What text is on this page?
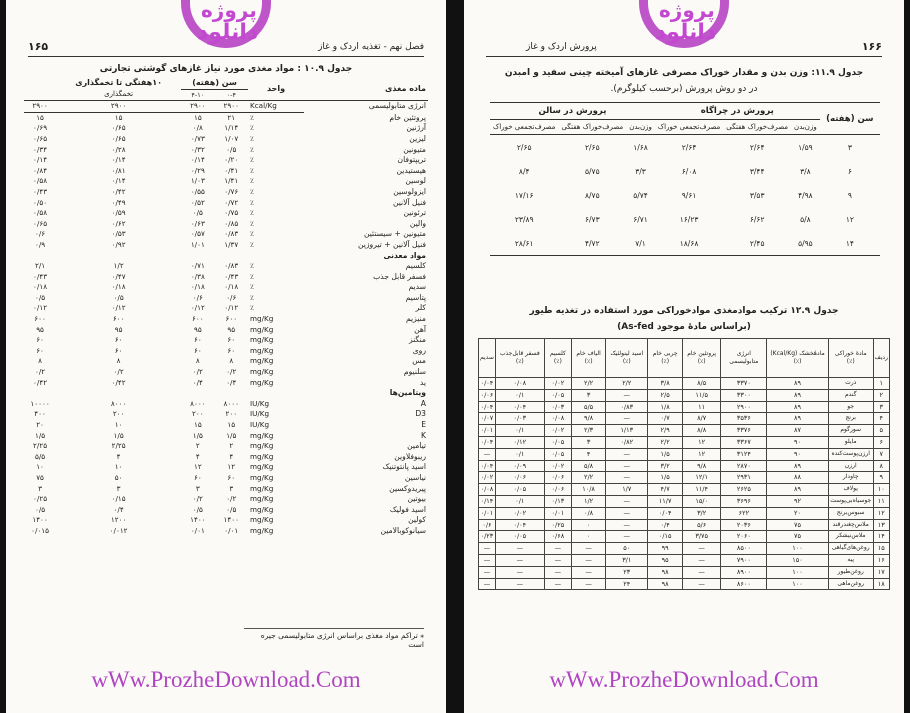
پروژه
دانلود
۱۶۵	فصل نهم - تغذیه اردک و غاز
جدول ۱۰.۹ : مواد مغذی مورد نیاز غازهای گوشتی تجارتی
ماده مغذی	واحد	سن (هفته)		۱۰هفتگی تا تخمگذاری	
		۰-۴	۴-۱۰	تخمگذاری	
انرژی متابولیسمی	Kcal/Kg	۲۹۰۰	۲۹۰۰	۲۹۰۰	۲۹۰۰
پروتئین خام	٪	۲۱	۱۵	۱۵	۱۵
آرژنین	٪	۱/۱۴	۰/۸	۰/۶۵	۰/۶۹
لیزین	٪	۱/۰۷	۰/۷۳	۰/۶۵	۰/۶۵
متیونین	٪	۰/۵	۰/۳۲	۰/۲۸	۰/۳۴
تریپتوفان	٪	۰/۲۰	۰/۱۴	۰/۱۴	۰/۱۴
هیستیدین	٪	۰/۴۱	۰/۲۹	۰/۸۱	۰/۸۴
لوسین	٪	۱/۴۱	۱/۰۳	۰/۱۴	۰/۵۸
ایزولوسین	٪	۰/۷۶	۰/۵۵	۰/۴۲	۰/۴۳
فنیل آلانین	٪	۰/۷۲	۰/۵۲	۰/۴۹	۰/۵۰
ترئونین	٪	۰/۷۵	۰/۵	۰/۵۹	۰/۵۸
والین	٪	۰/۸۵	۰/۶۳	۰/۶۲	۰/۶۵
متیونین + سیستئین	٪	۰/۸۳	۰/۵۷	۰/۵۳	۰/۶
فنیل آلانین + تیروزین	٪	۱/۳۷	۱/۰۱	۰/۹۲	۰/۹
مواد معدنی					
کلسیم	٪	۰/۸۳	۰/۷۱	۱/۲	۲/۱
فسفر قابل جذب	٪	۰/۴۳	۰/۳۸	۰/۴۷	۰/۴۳
سدیم	٪	۰/۱۸	۰/۱۸	۰/۱۸	۰/۱۸
پتاسیم	٪	۰/۶	۰/۶	۰/۵	۰/۵
کلر	٪	۰/۱۲	۰/۱۲	۰/۱۲	۰/۱۲
منیزیم	mg/Kg	۶۰۰	۶۰۰	۶۰۰	۶۰۰
آهن	mg/Kg	۹۵	۹۵	۹۵	۹۵
منگنز	mg/Kg	۶۰	۶۰	۶۰	۶۰
روی	mg/Kg	۶۰	۶۰	۶۰	۶۰
مس	mg/Kg	۸	۸	۸	۸
سلنیوم	mg/Kg	۰/۲	۰/۲	۰/۲	۰/۲
ید	mg/Kg	۰/۴	۰/۴	۰/۴۲	۰/۴۲
ویتامین‌ها					
A	IU/Kg	۸۰۰۰	۸۰۰۰	۸۰۰۰	۱۰۰۰۰
D3	IU/Kg	۲۰۰	۲۰۰	۲۰۰	۴۰۰
E	IU/Kg	۱۵	۱۵	۱۰	۲۰
K	mg/Kg	۱/۵	۱/۵	۱/۵	۱/۵
تیامین	mg/Kg	۲	۲	۲/۲۵	۲/۲۵
ریبوفلاوین	mg/Kg	۴	۴	۴	۵/۵
اسید پانتوتنیک	mg/Kg	۱۲	۱۲	۱۰	۱۰
نیاسین	mg/Kg	۶۰	۶۰	۵۰	۷۵
پیریدوکسین	mg/Kg	۳	۳	۳	۳
بیوتین	mg/Kg	۰/۲	۰/۲	۰/۱۵	۰/۲۵
اسید فولیک	mg/Kg	۰/۵	۰/۵	۰/۴	۰/۵
کولین	mg/Kg	۱۴۰۰	۱۴۰۰	۱۲۰۰	۱۴۰۰
سیانوکوبالامین	mg/Kg	۰/۰۱	۰/۰۱	۰/۰۱۲	۰/۰۱۵
⁎ تراکم مواد مغذی براساس انرژی متابولیسمی جیره است
wWw.ProzheDownload.Com
پروژه
دانلود
۱۶۶
پرورش اردک و غاز
جدول ۱۱.۹: وزن بدن و مقدار خوراک مصرفی غازهای آمیخته چینی سفید و امبدن
در دو روش پرورش (برحسب کیلوگرم).
سن (هفته)	پرورش در چراگاه			پرورش در سالن		
	وزن‌بدن	مصرف‌خوراک هفتگی	مصرف‌تجمعی خوراک	وزن‌بدن	مصرف‌خوراک هفتگی	مصرف‌تجمعی خوراک
۳	۱/۵۹	۲/۶۴	۲/۶۴	۱/۶۸	۲/۶۵	۲/۶۵
۶	۳/۸	۳/۴۴	۶/۰۸	۳/۳	۵/۷۵	۸/۴
۹	۴/۹۸	۳/۵۳	۹/۶۱	۵/۷۴	۸/۷۵	۱۷/۱۶
۱۲	۵/۸	۶/۶۲	۱۶/۲۳	۶/۷۱	۶/۷۳	۲۳/۸۹
۱۴	۵/۹۵	۲/۴۵	۱۸/۶۸	۷/۱	۴/۷۲	۲۸/۶۱
جدول ۱۲.۹ ترکیب موادمغذی موادخوراکی مورد استفاده در تغذیه طیور
(براساس مادهٔ موجود As-fed)
ردیف	مادهٔ خوراکی (٪)	مادهٔخشک (Kcal/Kg) (٪)	انرژی متابولیسمی	پروتئین خام (٪)	چربی خام (٪)	اسید لینولئیک (٪)	الیاف خام (٪)	کلسیم (٪)	فسفر قابل‌جذب (٪)	سدیم
۱	ذرت	۸۹	۳۳۷۰	۸/۵	۳/۸	۲/۲	۲/۲	۰/۰۲	۰/۰۸	۰/۰۴
۲	گندم	۸۹	۳۳۰۰	۱۱/۵	۲/۵	—	۳	۰/۰۵	۰/۱	۰/۰۶
۳	جو	۸۹	۲۹۰۰	۱۱	۱/۸	۰/۸۳	۵/۵	۰/۰۳	۰/۰۴	۰/۰۴
۴	برنج	۸۹	۳۵۳۶	۸/۷	۰/۷	—	۹/۸	۰/۰۸	۰/۰۳	۰/۰۷
۵	سورگوم	۸۷	۳۳۷۶	۸/۸	۲/۹	۱/۱۳	۲/۳	۰/۰۲	۰/۱	۰/۰۱
۶	مایلو	۹۰	۳۳۶۷	۱۲	۲/۲	۰/۸۲	۳	۰/۰۵	۰/۱۲	۰/۰۴
۷	ارزن‌پوست‌کنده	۹۰	۳۱۲۴	۱۲	۱/۵	—	۴	۰/۰۵	۰/۱	—
۸	ارزن	۸۹	۲۸۷۰	۹/۸	۳/۲	—	۵/۸	۰/۰۲	۰/۰۹	۰/۰۴
۹	چاودار	۸۸	۲۹۳۱	۱۲/۱	۱/۵	—	۲/۲	۰/۰۶	۰/۰۶	۰/۰۲
۱۰	یولاف	۸۹	۲۶۲۵	۱۱/۴	۴/۷	۱/۷	۱۰/۸	۰/۰۶	۰/۰۵	۰/۰۸
۱۱	جوسیاه‌بی‌پوست	۹۲	۳۶۹۶	۱۵/۰	۱۱/۷	—	۱/۲	۰/۱۳	۰/۱	۰/۱۴
۱۲	سبوس‌برنج	۲۰	۶۲۲	۳/۲	۰/۰۴	—	۰/۸	۰/۰۱	۰/۰۲	۰/۰۱
۱۳	ملاس‌چغندرقند	۷۵	۲۰۳۶	۵/۶	۰/۴	—	۰	۰/۲۵	۰/۰۴	۰/۶
۱۴	ملاس‌نیشکر	۷۵	۲۰۶۰	۳/۷۵	۰/۱۵	—	۰	۰/۶۸	۰/۰۵	۰/۲۳
۱۵	روغن‌های‌گیاهی	۱۰۰	۸۵۰۰	—	۹۹	۵۰	—	—	—	—
۱۶	پیه	۱۵۰	۷۹۰۰	—	۹۵	۳/۱	—	—	—	—
۱۷	روغن‌طیور	۱۰۰	۸۹۰۰	—	۹۸	۲۳	—	—	—	—
۱۸	روغن‌ماهی	۱۰۰	۸۶۰۰	—	۹۸	۲۴	—	—	—	—
wWw.ProzheDownload.Com
